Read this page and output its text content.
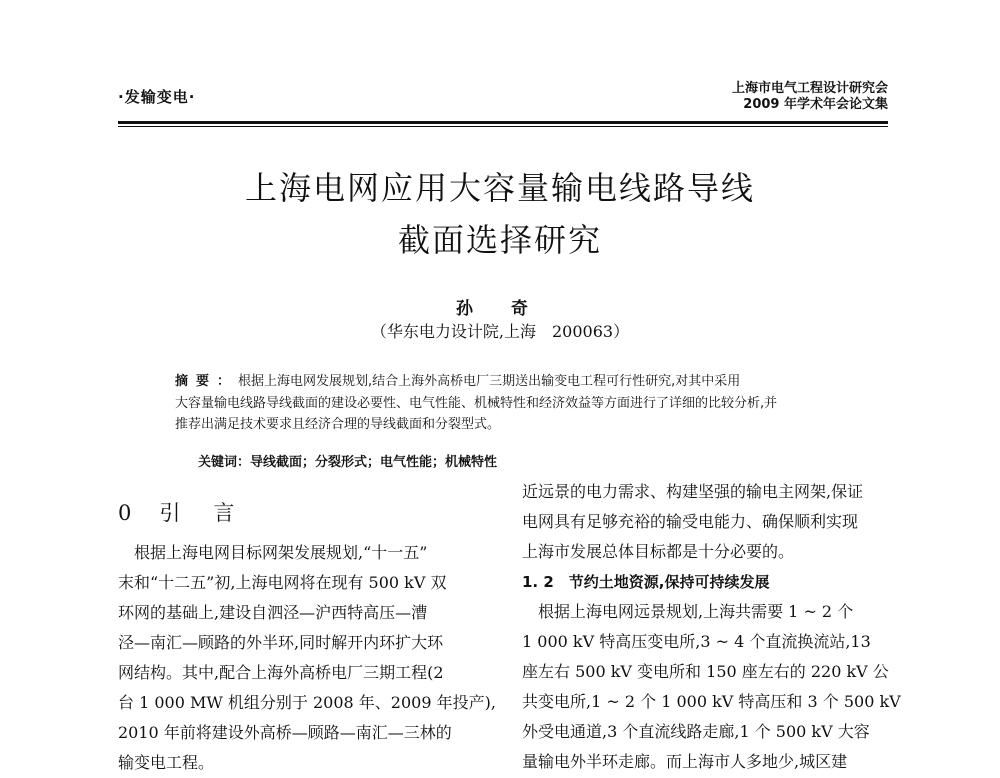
·发输变电·	上海市电气工程设计研究会
2009 年学术年会论文集
上海电网应用大容量输电线路导线
截面选择研究
孙 奇
（华东电力设计院,上海　200063）
摘要：根据上海电网发展规划,结合上海外高桥电厂三期送出输变电工程可行性研究,对其中采用
大容量输电线路导线截面的建设必要性、电气性能、机械特性和经济效益等方面进行了详细的比较分析,并
推荐出满足技术要求且经济合理的导线截面和分裂型式。
关键词：导线截面；分裂形式；电气性能；机械特性
0 引　言
　根据上海电网目标网架发展规划,“十一五”
末和“十二五”初,上海电网将在现有 500 kV 双
环网的基础上,建设自泗泾—沪西特高压—漕
泾—南汇—顾路的外半环,同时解开内环扩大环
网结构。其中,配合上海外高桥电厂三期工程(2
台 1 000 MW 机组分别于 2008 年、2009 年投产),
2010 年前将建设外高桥—顾路—南汇—三林的
输变电工程。
近远景的电力需求、构建坚强的输电主网架,保证
电网具有足够充裕的输受电能力、确保顺利实现
上海市发展总体目标都是十分必要的。
1. 2　节约土地资源,保持可持续发展
　根据上海电网远景规划,上海共需要 1 ~ 2 个
1 000 kV 特高压变电所,3 ~ 4 个直流换流站,13
座左右 500 kV 变电所和 150 座左右的 220 kV 公
共变电所,1 ~ 2 个 1 000 kV 特高压和 3 个 500 kV
外受电通道,3 个直流线路走廊,1 个 500 kV 大容
量输电外半环走廊。而上海市人多地少,城区建
